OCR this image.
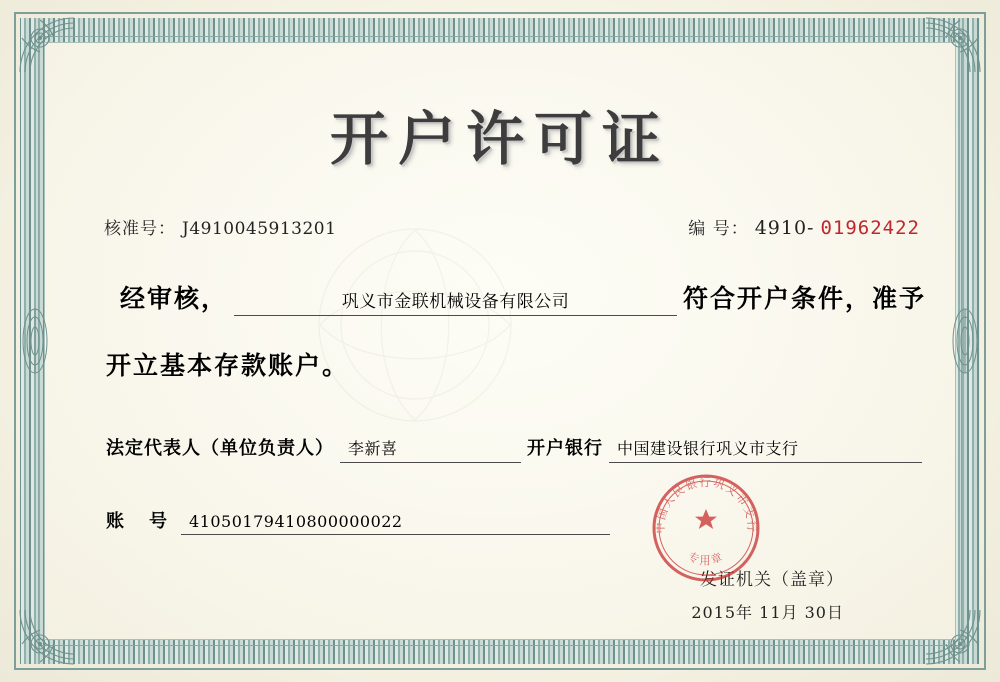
开户许可证
核准号： J4910045913201	编 号： 4910- 01962422
经审核，	巩义市金联机械设备有限公司	符合开户条件，准予
开立基本存款账户。
法定代表人（单位负责人） 李新喜	开户银行 中国建设银行巩义市支行
账 号 41050179410800000022
发证机关（盖章）
2015年 11月 30日
中国人民银行巩义市支行
专用章
